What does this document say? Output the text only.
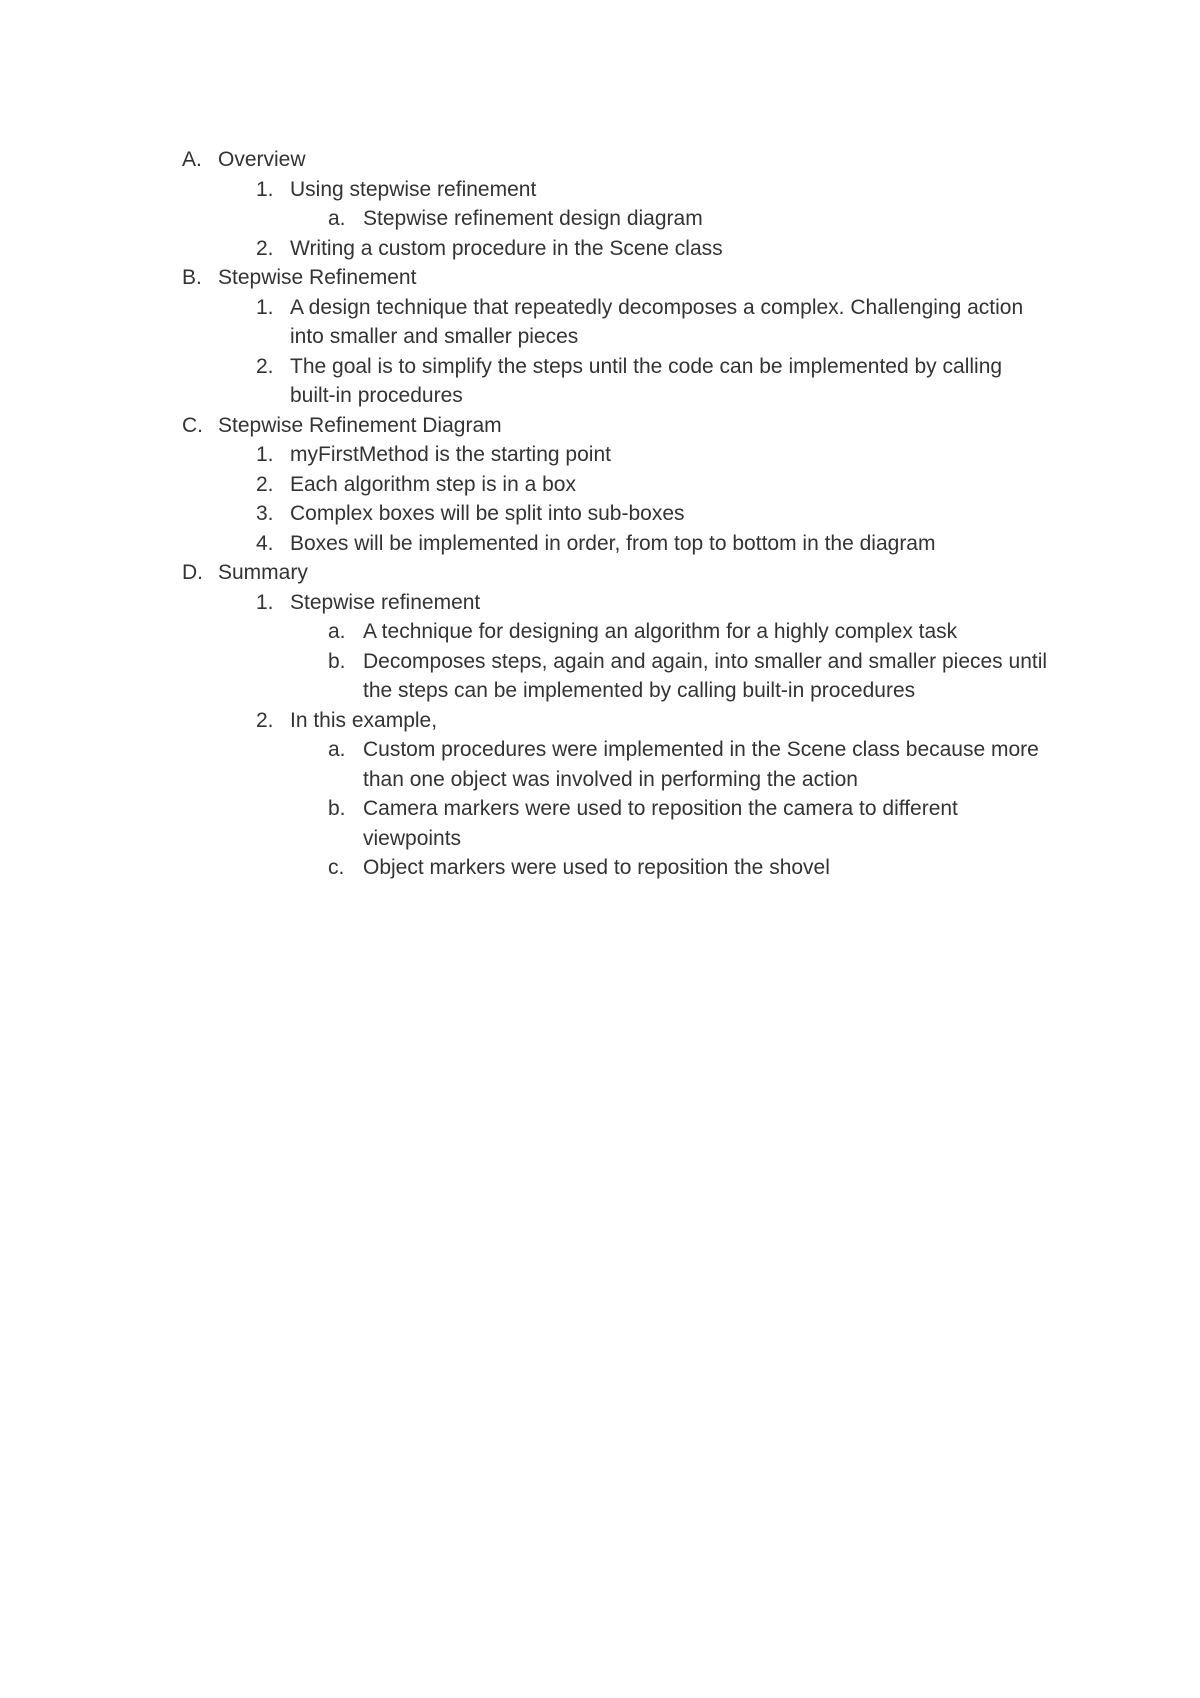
A. Overview
1. Using stepwise refinement
a. Stepwise refinement design diagram
2. Writing a custom procedure in the Scene class
B. Stepwise Refinement
1. A design technique that repeatedly decomposes a complex. Challenging action into smaller and smaller pieces
2. The goal is to simplify the steps until the code can be implemented by calling built-in procedures
C. Stepwise Refinement Diagram
1. myFirstMethod is the starting point
2. Each algorithm step is in a box
3. Complex boxes will be split into sub-boxes
4. Boxes will be implemented in order, from top to bottom in the diagram
D. Summary
1. Stepwise refinement
a. A technique for designing an algorithm for a highly complex task
b. Decomposes steps, again and again, into smaller and smaller pieces until the steps can be implemented by calling built-in procedures
2. In this example,
a. Custom procedures were implemented in the Scene class because more than one object was involved in performing the action
b. Camera markers were used to reposition the camera to different viewpoints
c. Object markers were used to reposition the shovel
